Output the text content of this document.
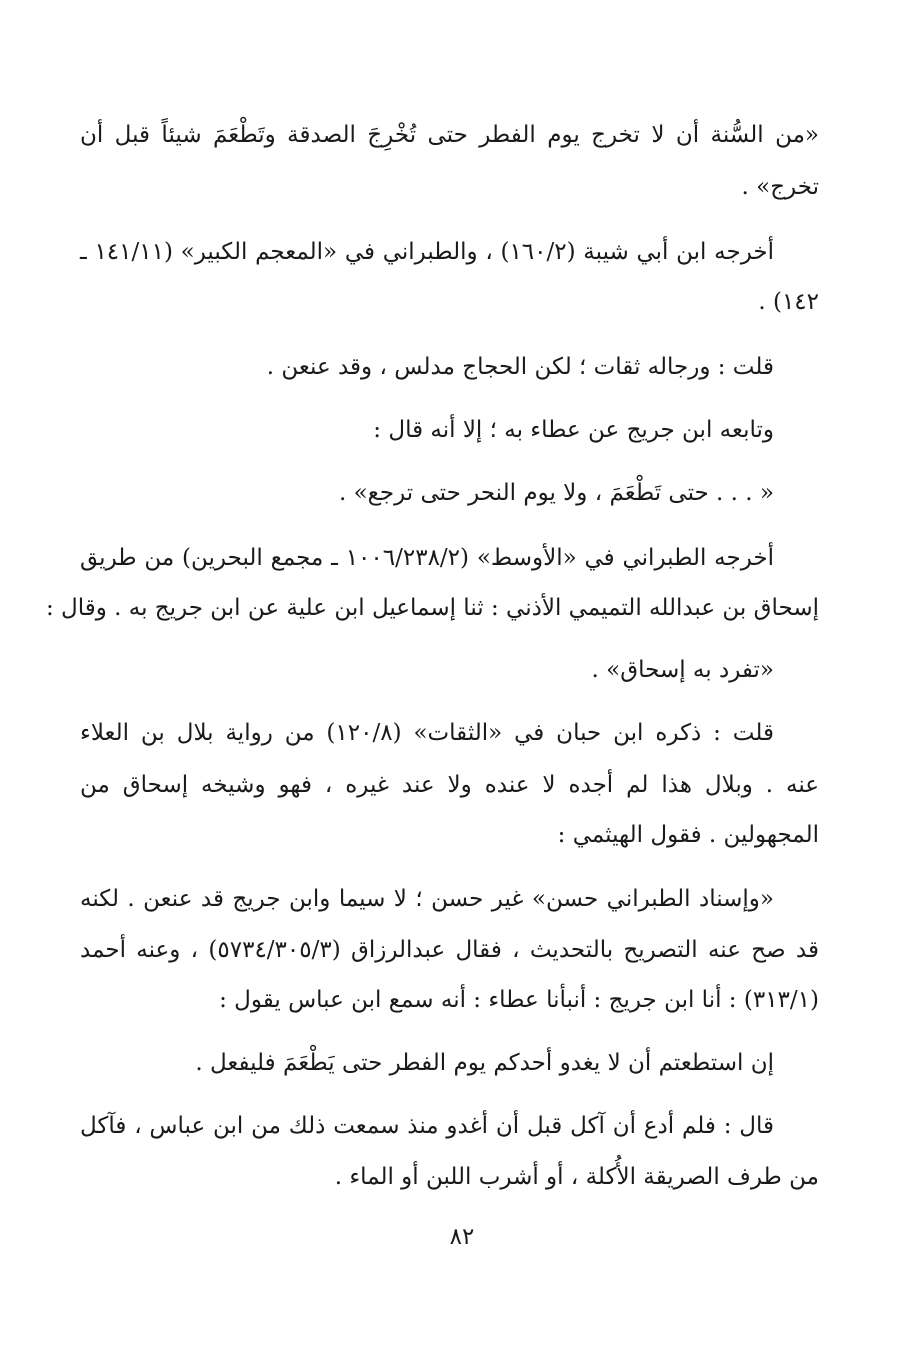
«من السُّنة أن لا تخرج يوم الفطر حتى تُخْرِجَ الصدقة وتَطْعَمَ شيئاً قبل أن
تخرج» .
أخرجه ابن أبي شيبة (١٦٠/٢) ، والطبراني في «المعجم الكبير» (١٤١/١١ ـ
١٤٢) .
قلت : ورجاله ثقات ؛ لكن الحجاج مدلس ، وقد عنعن .
وتابعه ابن جريج عن عطاء به ؛ إلا أنه قال :
« . . . حتى تَطْعَمَ ، ولا يوم النحر حتى ترجع» .
أخرجه الطبراني في «الأوسط» (١٠٠٦/٢٣٨/٢ ـ مجمع البحرين) من طريق
إسحاق بن عبدالله التميمي الأذني : ثنا إسماعيل ابن علية عن ابن جريج به . وقال :
«تفرد به إسحاق» .
قلت : ذكره ابن حبان في «الثقات» (١٢٠/٨) من رواية بلال بن العلاء
عنه . وبلال هذا لم أجده لا عنده ولا عند غيره ، فهو وشيخه إسحاق من
المجهولين . فقول الهيثمي :
«وإسناد الطبراني حسن» غير حسن ؛ لا سيما وابن جريج قد عنعن . لكنه
قد صح عنه التصريح بالتحديث ، فقال عبدالرزاق (٥٧٣٤/٣٠٥/٣) ، وعنه أحمد
(٣١٣/١) : أنا ابن جريج : أنبأنا عطاء : أنه سمع ابن عباس يقول :
إن استطعتم أن لا يغدو أحدكم يوم الفطر حتى يَطْعَمَ فليفعل .
قال : فلم أدع أن آكل قبل أن أغدو منذ سمعت ذلك من ابن عباس ، فآكل
من طرف الصريقة الأُكلة ، أو أشرب اللبن أو الماء .
٨٢
